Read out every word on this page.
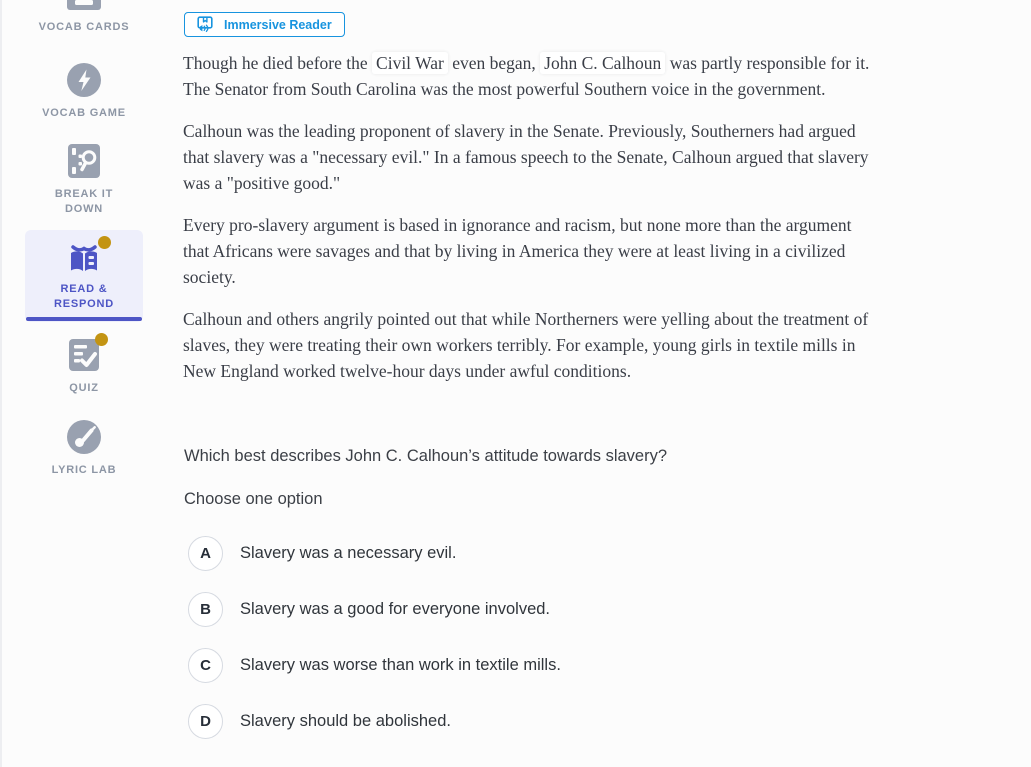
VOCAB CARDS
VOCAB GAME
BREAK IT DOWN
READ & RESPOND
QUIZ
LYRIC LAB
Immersive Reader

Though he died before the Civil War even began, John C. Calhoun was partly responsible for it. The Senator from South Carolina was the most powerful Southern voice in the government.

Calhoun was the leading proponent of slavery in the Senate. Previously, Southerners had argued that slavery was a "necessary evil." In a famous speech to the Senate, Calhoun argued that slavery was a "positive good."

Every pro-slavery argument is based in ignorance and racism, but none more than the argument that Africans were savages and that by living in America they were at least living in a civilized society.

Calhoun and others angrily pointed out that while Northerners were yelling about the treatment of slaves, they were treating their own workers terribly. For example, young girls in textile mills in New England worked twelve-hour days under awful conditions.

Which best describes John C. Calhoun’s attitude towards slavery?

Choose one option

A	Slavery was a necessary evil.
B	Slavery was a good for everyone involved.
C	Slavery was worse than work in textile mills.
D	Slavery should be abolished.
